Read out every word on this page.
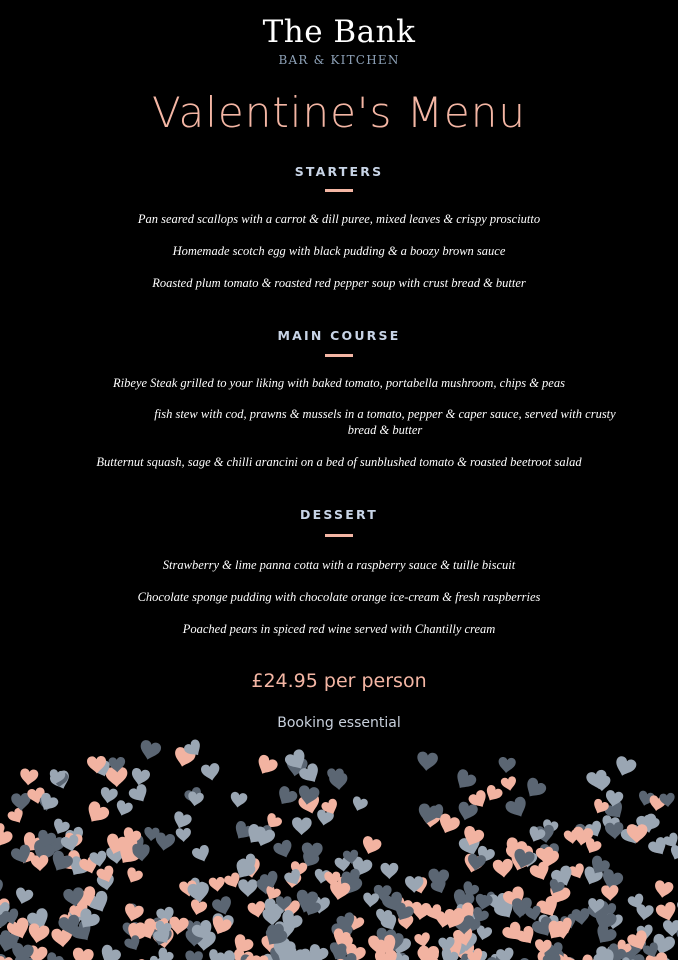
The Bank
BAR & KITCHEN
Valentine's Menu
STARTERS
Pan seared scallops with a carrot & dill puree, mixed leaves & crispy prosciutto
Homemade scotch egg with black pudding & a boozy brown sauce
Roasted plum tomato & roasted red pepper soup with crust bread & butter
MAIN COURSE
Ribeye Steak grilled to your liking with baked tomato, portabella mushroom, chips & peas
fish stew with cod, prawns & mussels in a tomato, pepper & caper sauce, served with crusty bread & butter
Butternut squash, sage & chilli arancini on a bed of sunblushed tomato & roasted beetroot salad
DESSERT
Strawberry & lime panna cotta with a raspberry sauce & tuille biscuit
Chocolate sponge pudding with chocolate orange ice-cream & fresh raspberries
Poached pears in spiced red wine served with Chantilly cream
£24.95 per person
Booking essential
